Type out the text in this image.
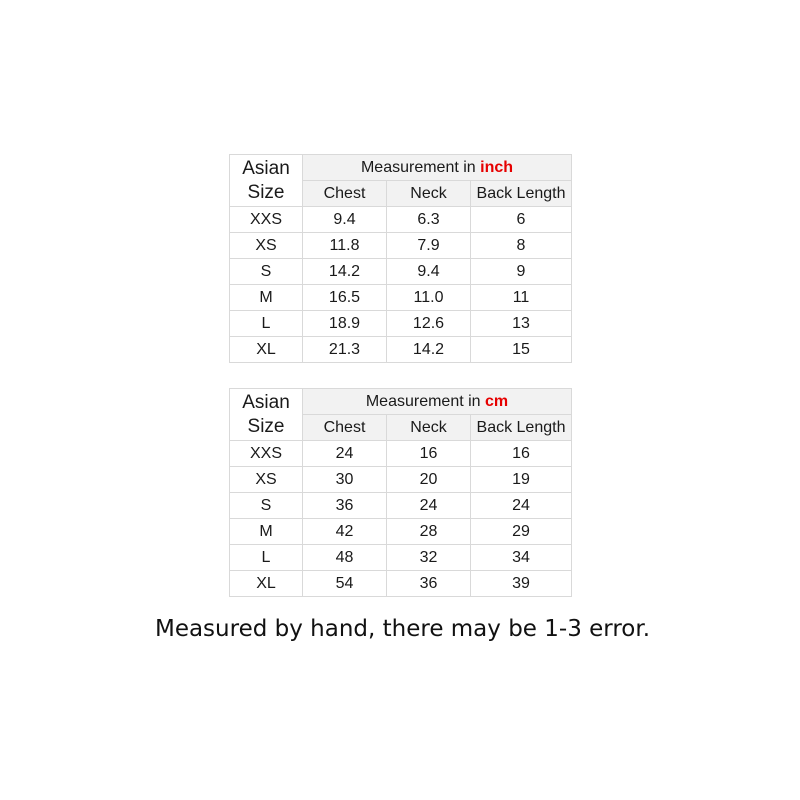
Asian
Size	Measurement in inch		
	Chest	Neck	Back Length
XXS	9.4	6.3	6
XS	11.8	7.9	8
S	14.2	9.4	9
M	16.5	11.0	11
L	18.9	12.6	13
XL	21.3	14.2	15
Asian
Size	Measurement in cm		
	Chest	Neck	Back Length
XXS	24	16	16
XS	30	20	19
S	36	24	24
M	42	28	29
L	48	32	34
XL	54	36	39
Measured by hand, there may be 1-3 error.
